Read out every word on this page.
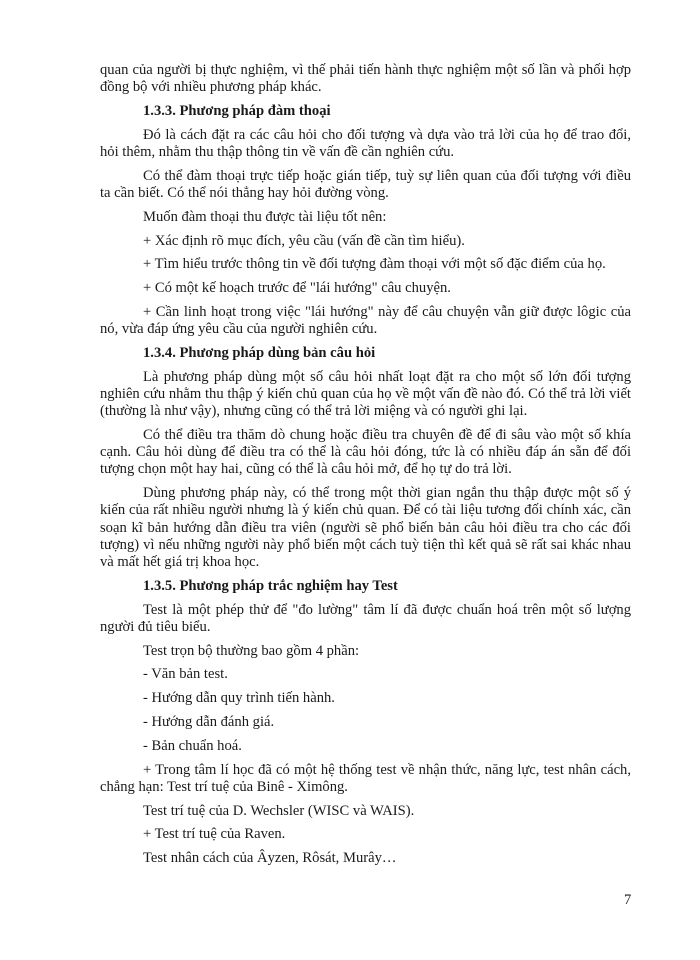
quan của người bị thực nghiệm, vì thế phải tiến hành thực nghiệm một số lần và phối hợp đồng bộ với nhiều phương pháp khác.

1.3.3. Phương pháp đàm thoại

Đó là cách đặt ra các câu hỏi cho đối tượng và dựa vào trả lời của họ để trao đổi, hỏi thêm, nhằm thu thập thông tin về vấn đề cần nghiên cứu.

Có thể đàm thoại trực tiếp hoặc gián tiếp, tuỳ sự liên quan của đối tượng với điều ta cần biết. Có thể nói thẳng hay hỏi đường vòng.

Muốn đàm thoại thu được tài liệu tốt nên:

+ Xác định rõ mục đích, yêu cầu (vấn đề cần tìm hiểu).

+ Tìm hiểu trước thông tin về đối tượng đàm thoại với một số đặc điểm của họ.

+ Có một kế hoạch trước để "lái hướng" câu chuyện.

+ Cần linh hoạt trong việc "lái hướng" này để câu chuyện vẫn giữ được lôgic của nó, vừa đáp ứng yêu cầu của người nghiên cứu.

1.3.4. Phương pháp dùng bản câu hỏi

Là phương pháp dùng một số câu hỏi nhất loạt đặt ra cho một số lớn đối tượng nghiên cứu nhằm thu thập ý kiến chủ quan của họ về một vấn đề nào đó. Có thể trả lời viết (thường là như vậy), nhưng cũng có thể trả lời miệng và có người ghi lại.

Có thể điều tra thăm dò chung hoặc điều tra chuyên đề để đi sâu vào một số khía cạnh. Câu hỏi dùng để điều tra có thể là câu hỏi đóng, tức là có nhiều đáp án sẵn để đối tượng chọn một hay hai, cũng có thể là câu hỏi mở, để họ tự do trả lời.

Dùng phương pháp này, có thể trong một thời gian ngắn thu thập được một số ý kiến của rất nhiều người nhưng là ý kiến chủ quan. Để có tài liệu tương đối chính xác, cần soạn kĩ bản hướng dẫn điều tra viên (người sẽ phổ biến bản câu hỏi điều tra cho các đối tượng) vì nếu những người này phổ biến một cách tuỳ tiện thì kết quả sẽ rất sai khác nhau và mất hết giá trị khoa học.

1.3.5. Phương pháp trắc nghiệm hay Test

Test là một phép thử để "đo lường" tâm lí đã được chuẩn hoá trên một số lượng người đủ tiêu biểu.

Test trọn bộ thường bao gồm 4 phần:

- Văn bản test.

- Hướng dẫn quy trình tiến hành.

- Hướng dẫn đánh giá.

- Bản chuẩn hoá.

+ Trong tâm lí học đã có một hệ thống test về nhận thức, năng lực, test nhân cách, chẳng hạn: Test trí tuệ của Binê - Ximông.

Test trí tuệ của D. Wechsler (WISC và WAIS).

+ Test trí tuệ của Raven.

Test nhân cách của Âyzen, Rôsát, Murây…

7
